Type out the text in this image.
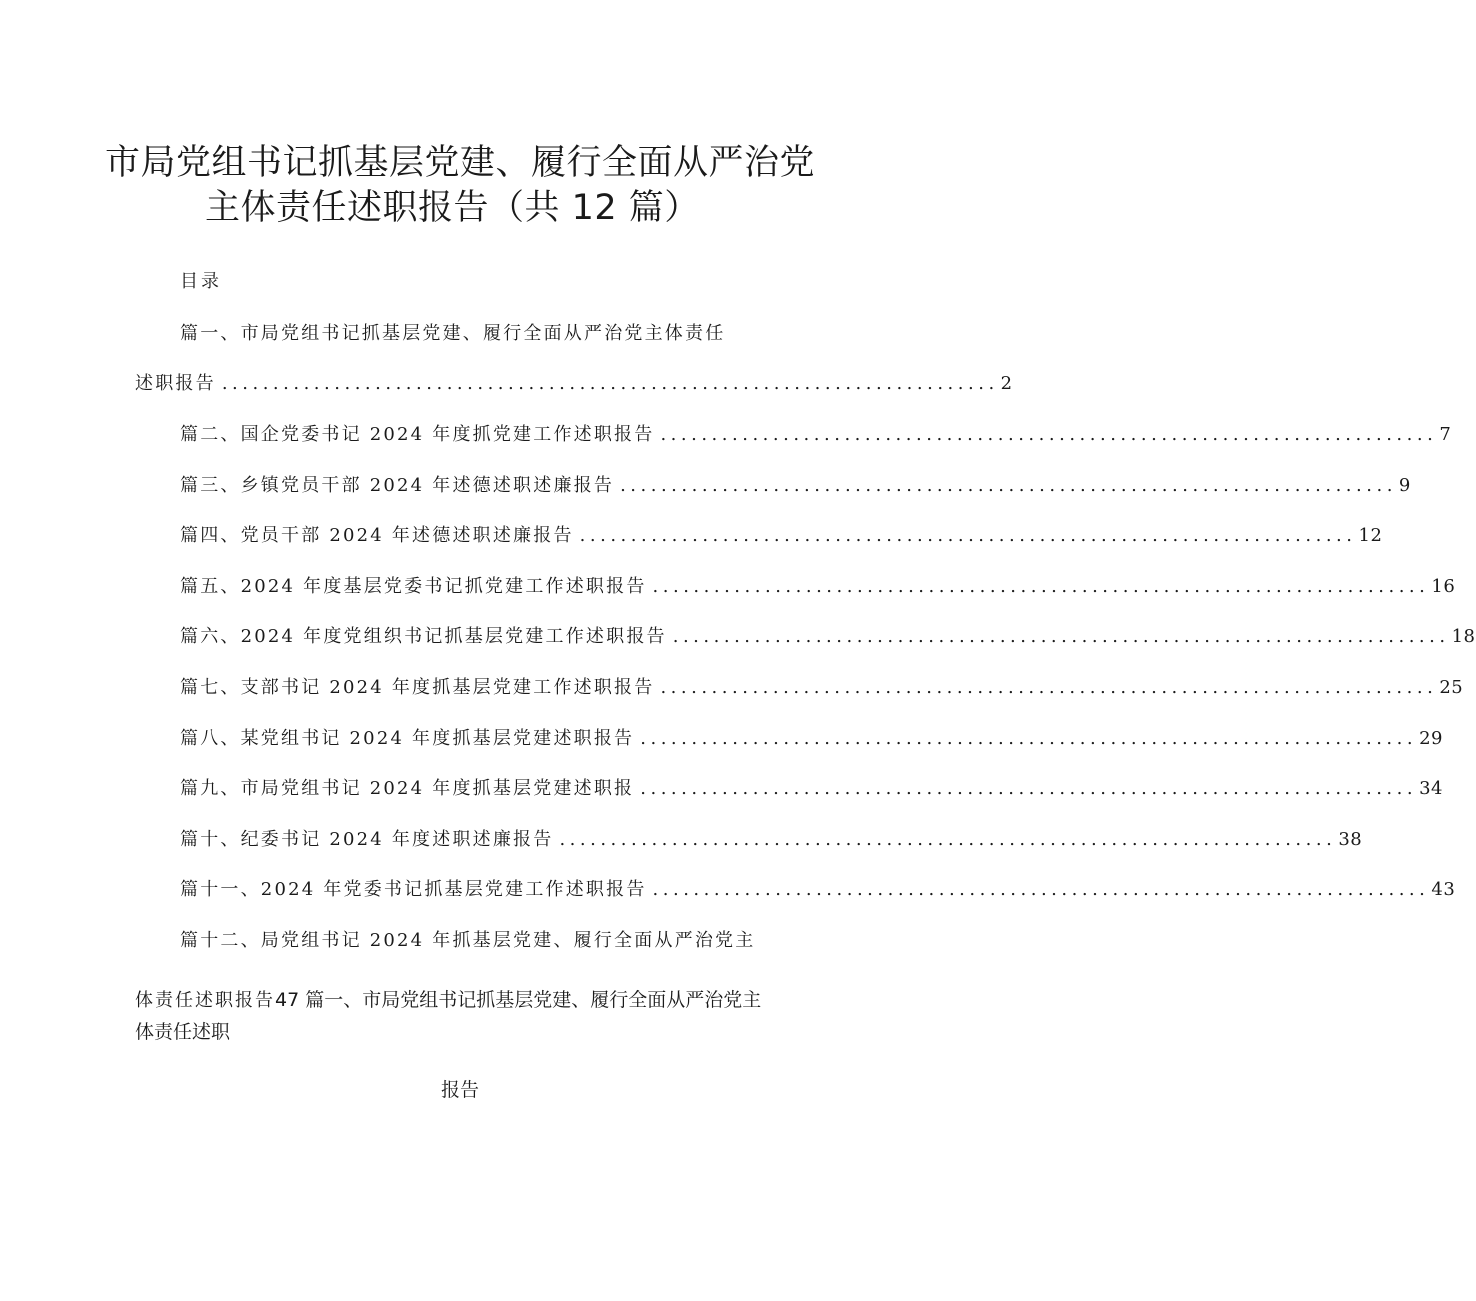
市局党组书记抓基层党建、履行全面从严治党
主体责任述职报告（共 12 篇）
目录
篇一、市局党组书记抓基层党建、履行全面从严治党主体责任
述职报告 ............................................................................ 2
篇二、国企党委书记 2024 年度抓党建工作述职报告 ............................................................................ 7
篇三、乡镇党员干部 2024 年述德述职述廉报告 ............................................................................ 9
篇四、党员干部 2024 年述德述职述廉报告 ............................................................................ 12
篇五、2024 年度基层党委书记抓党建工作述职报告 ............................................................................ 16
篇六、2024 年度党组织书记抓基层党建工作述职报告 ............................................................................ 18
篇七、支部书记 2024 年度抓基层党建工作述职报告 ............................................................................ 25
篇八、某党组书记 2024 年度抓基层党建述职报告 ............................................................................ 29
篇九、市局党组书记 2024 年度抓基层党建述职报 ............................................................................ 34
篇十、纪委书记 2024 年度述职述廉报告 ............................................................................ 38
篇十一、2024 年党委书记抓基层党建工作述职报告 ............................................................................ 43
篇十二、局党组书记 2024 年抓基层党建、履行全面从严治党主
体责任述职报告47 篇一、市局党组书记抓基层党建、履行全面从严治党主
体责任述职
报告
